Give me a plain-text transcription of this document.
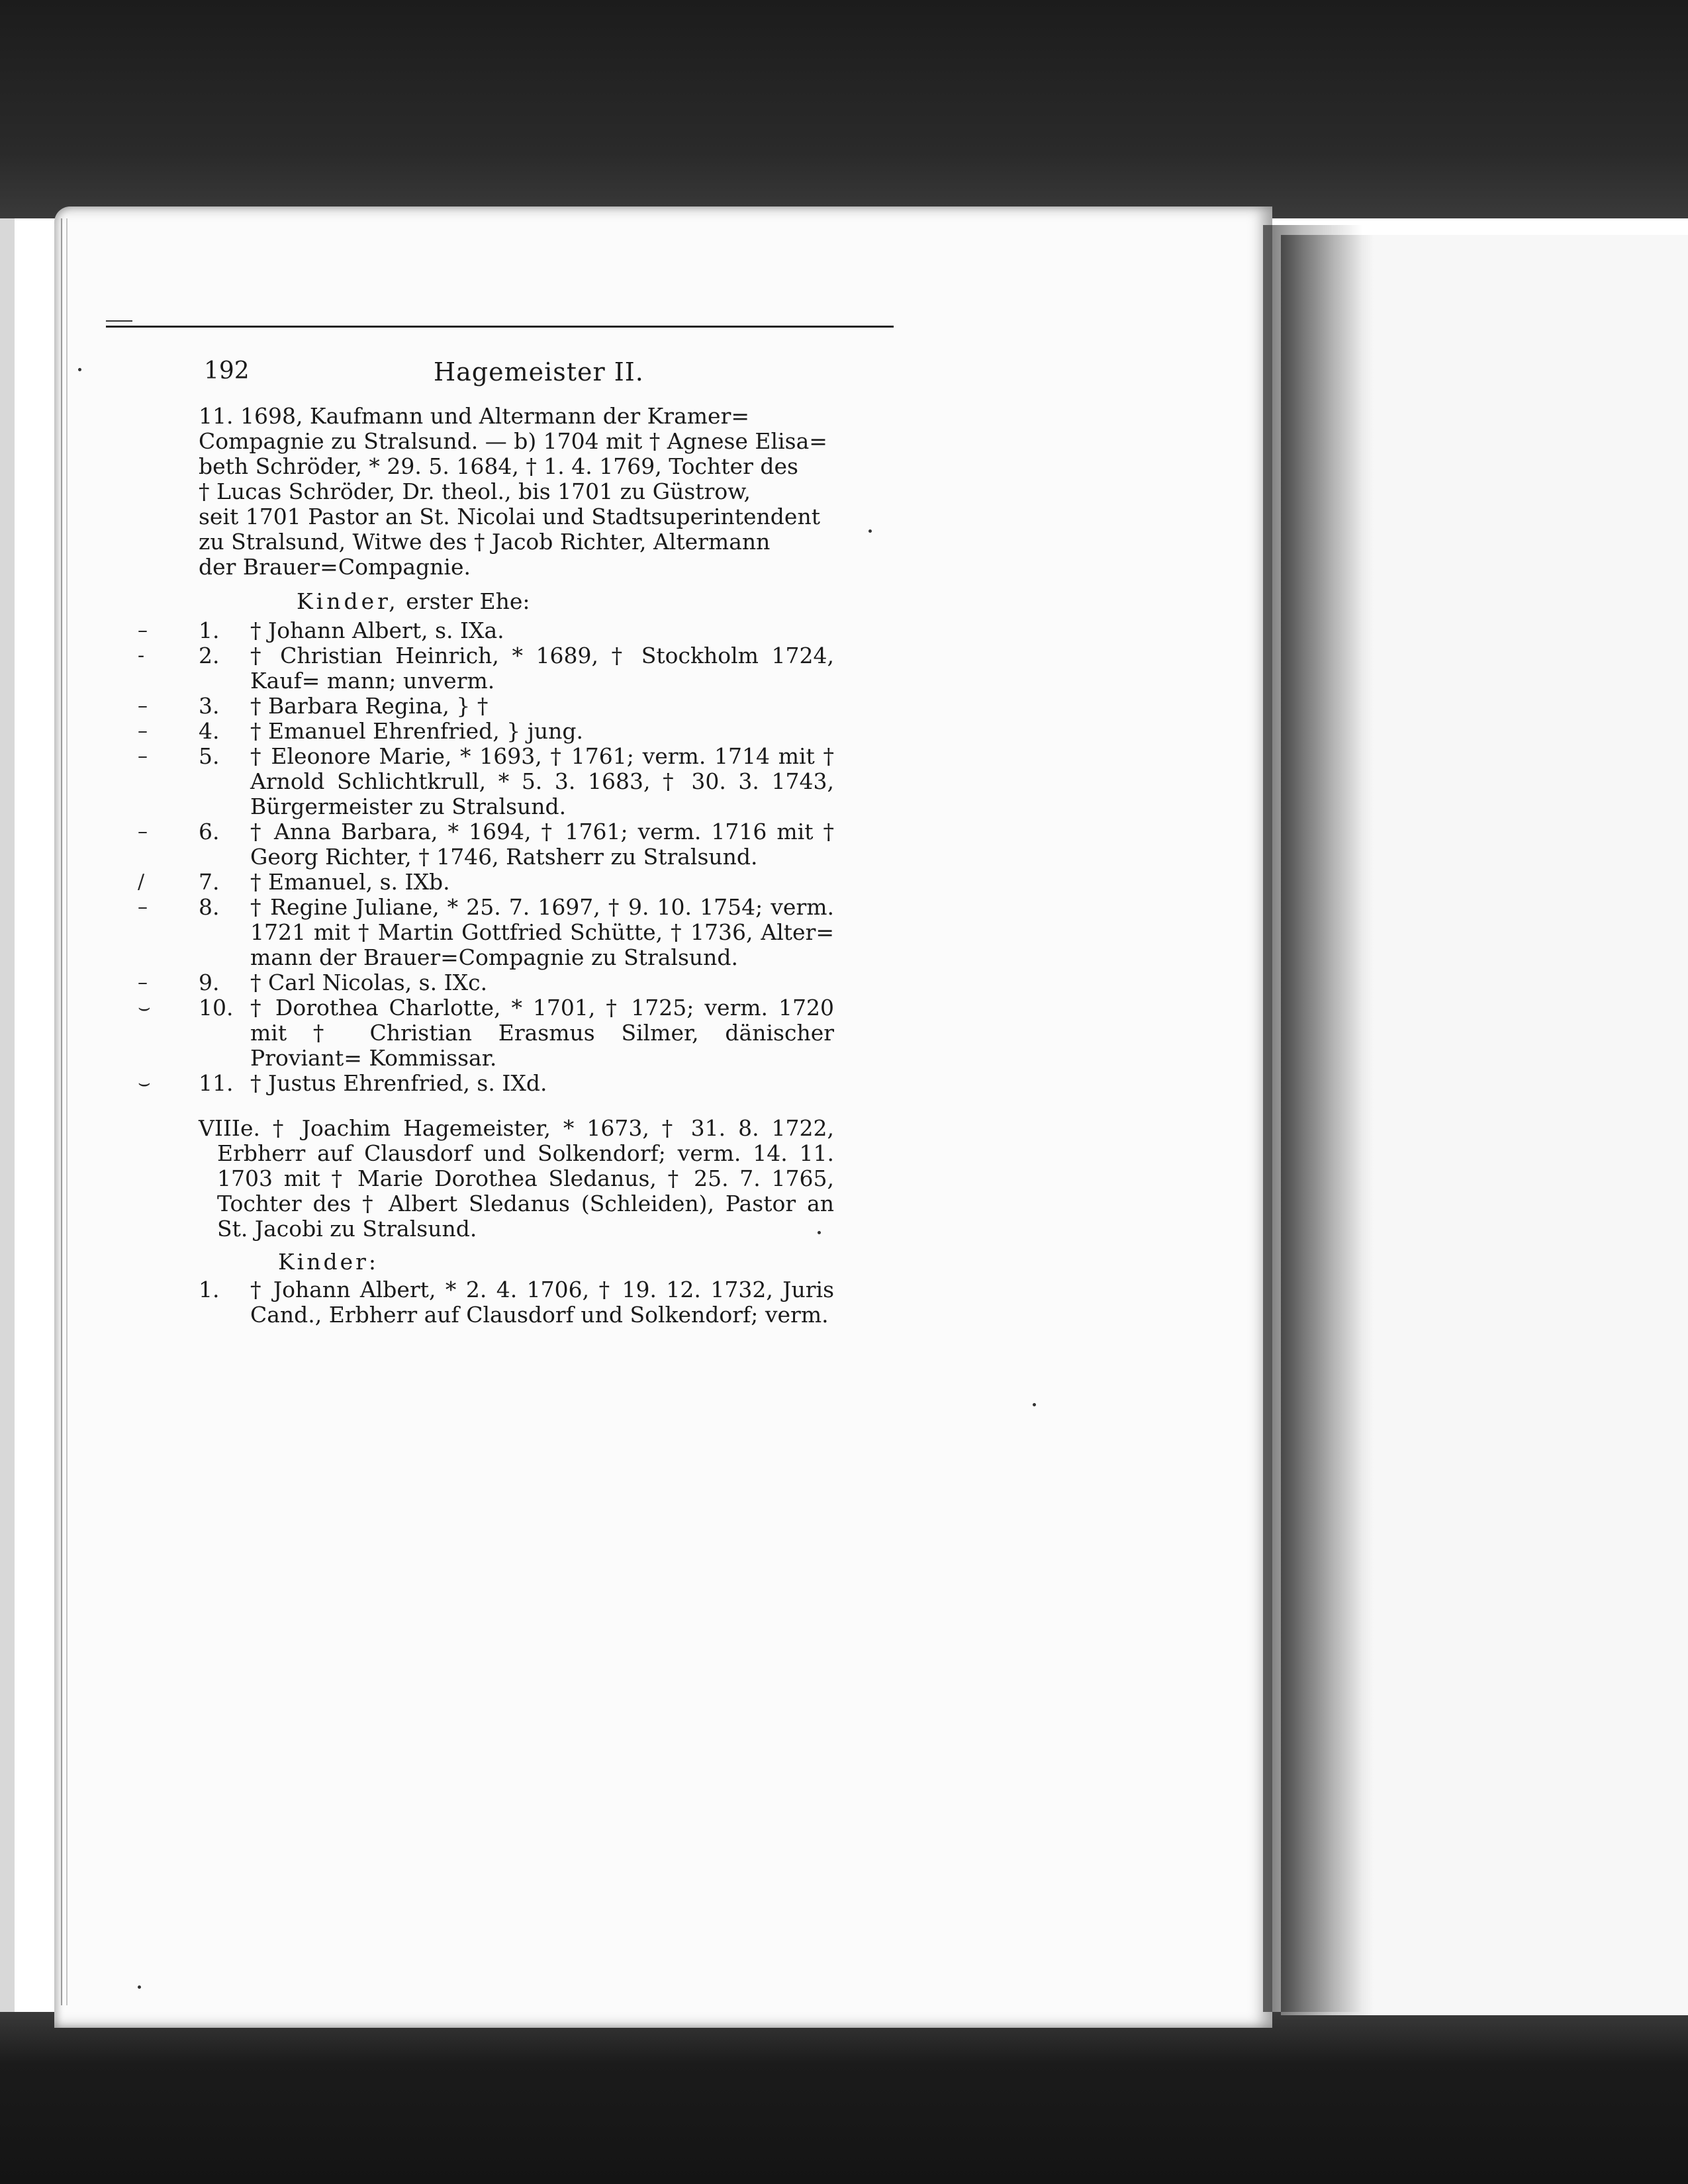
192	Hagemeister II.
11. 1698, Kaufmann und Altermann der Kramer=
Compagnie zu Stralsund. — b) 1704 mit † Agnese Elisa=
beth Schröder, * 29. 5. 1684, † 1. 4. 1769, Tochter des
† Lucas Schröder, Dr. theol., bis 1701 zu Güstrow,
seit 1701 Pastor an St. Nicolai und Stadtsuperintendent
zu Stralsund, Witwe des † Jacob Richter, Altermann
der Brauer=Compagnie.
Kinder, erster Ehe:
– 1.	† Johann Albert, s. IXa.
‐ 2.	† Christian Heinrich, * 1689, † Stockholm 1724, Kauf= mann; unverm.
– 3.	† Barbara Regina, } †
– 4.	† Emanuel Ehrenfried, } jung.
– 5.	† Eleonore Marie, * 1693, † 1761; verm. 1714 mit † Arnold Schlichtkrull, * 5. 3. 1683, † 30. 3. 1743, Bürgermeister zu Stralsund.
– 6.	† Anna Barbara, * 1694, † 1761; verm. 1716 mit † Georg Richter, † 1746, Ratsherr zu Stralsund.
/ 7.	† Emanuel, s. IXb.
– 8.	† Regine Juliane, * 25. 7. 1697, † 9. 10. 1754; verm. 1721 mit † Martin Gottfried Schütte, † 1736, Alter= mann der Brauer=Compagnie zu Stralsund.
– 9.	† Carl Nicolas, s. IXc.
⌣ 10. † Dorothea Charlotte, * 1701, † 1725; verm. 1720 mit † Christian Erasmus Silmer, dänischer Proviant= Kommissar.
⌣ 11. † Justus Ehrenfried, s. IXd.
VIIIe. † Joachim Hagemeister, * 1673, † 31. 8. 1722, Erbherr auf Clausdorf und Solkendorf; verm. 14. 11. 1703 mit † Marie Dorothea Sledanus, † 25. 7. 1765, Tochter des † Albert Sledanus (Schleiden), Pastor an St. Jacobi zu Stralsund.
Kinder:
1.	† Johann Albert, * 2. 4. 1706, † 19. 12. 1732, Juris Cand., Erbherr auf Clausdorf und Solkendorf; verm.
